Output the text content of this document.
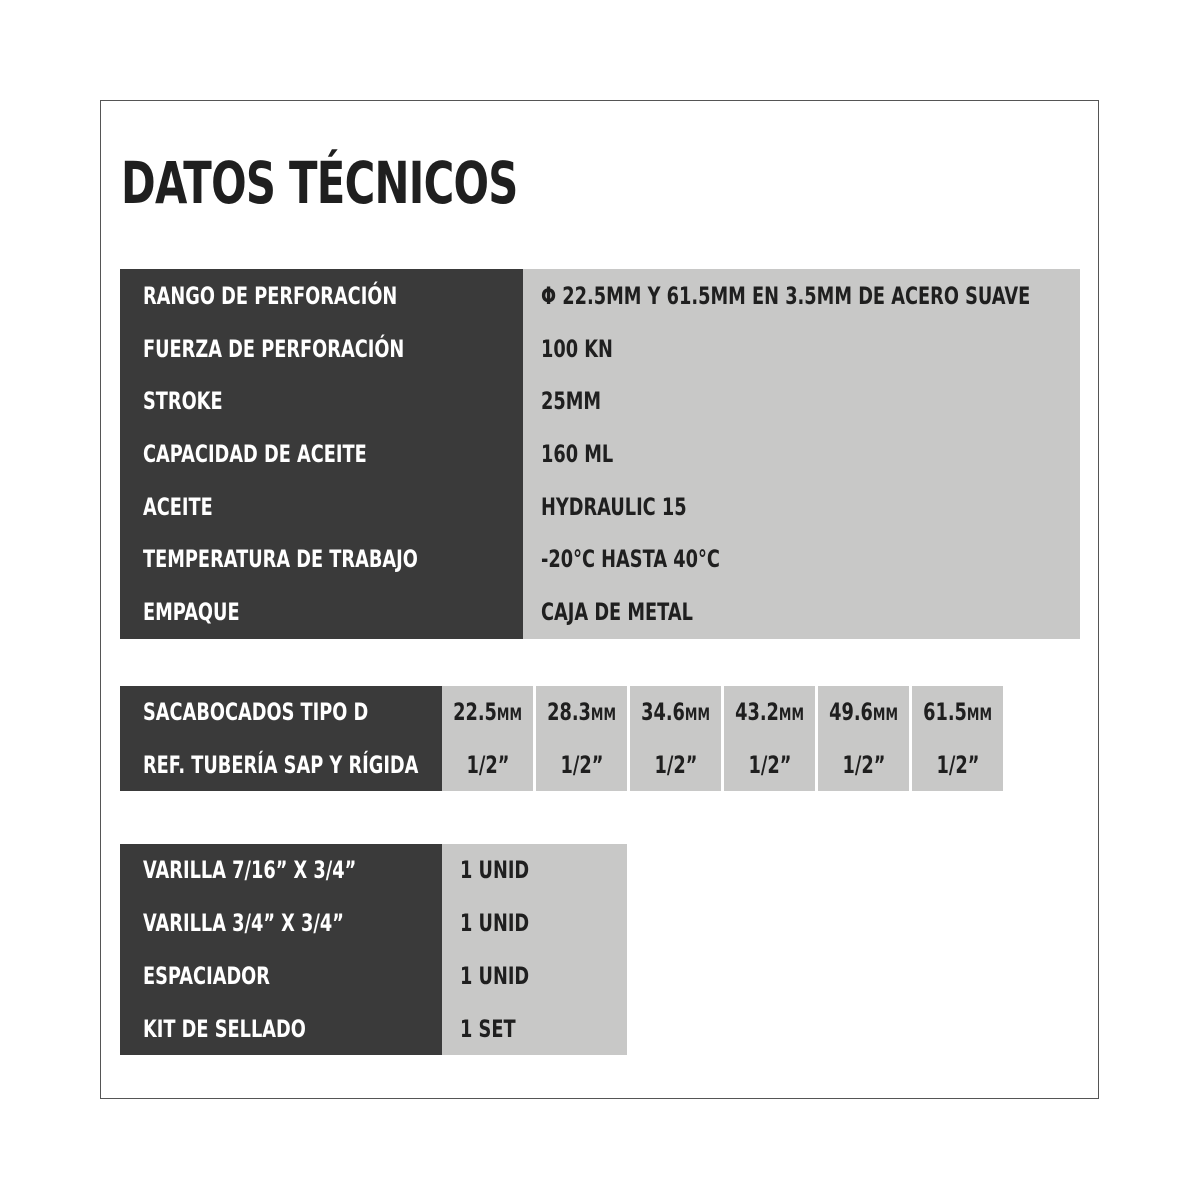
DATOS TÉCNICOS
RANGO DE PERFORACIÓN
FUERZA DE PERFORACIÓN
STROKE
CAPACIDAD DE ACEITE
ACEITE
TEMPERATURA DE TRABAJO
EMPAQUE
Φ 22.5MM Y 61.5MM EN 3.5MM DE ACERO SUAVE
100 KN
25MM
160 ML
HYDRAULIC 15
-20°C HASTA 40°C
CAJA DE METAL
SACABOCADOS TIPO D
REF. TUBERÍA SAP Y RÍGIDA
22.5MM
1/2”
28.3MM
1/2”
34.6MM
1/2”
43.2MM
1/2”
49.6MM
1/2”
61.5MM
1/2”
VARILLA 7/16” X 3/4”
VARILLA 3/4” X 3/4”
ESPACIADOR
KIT DE SELLADO
1 UNID
1 UNID
1 UNID
1 SET
